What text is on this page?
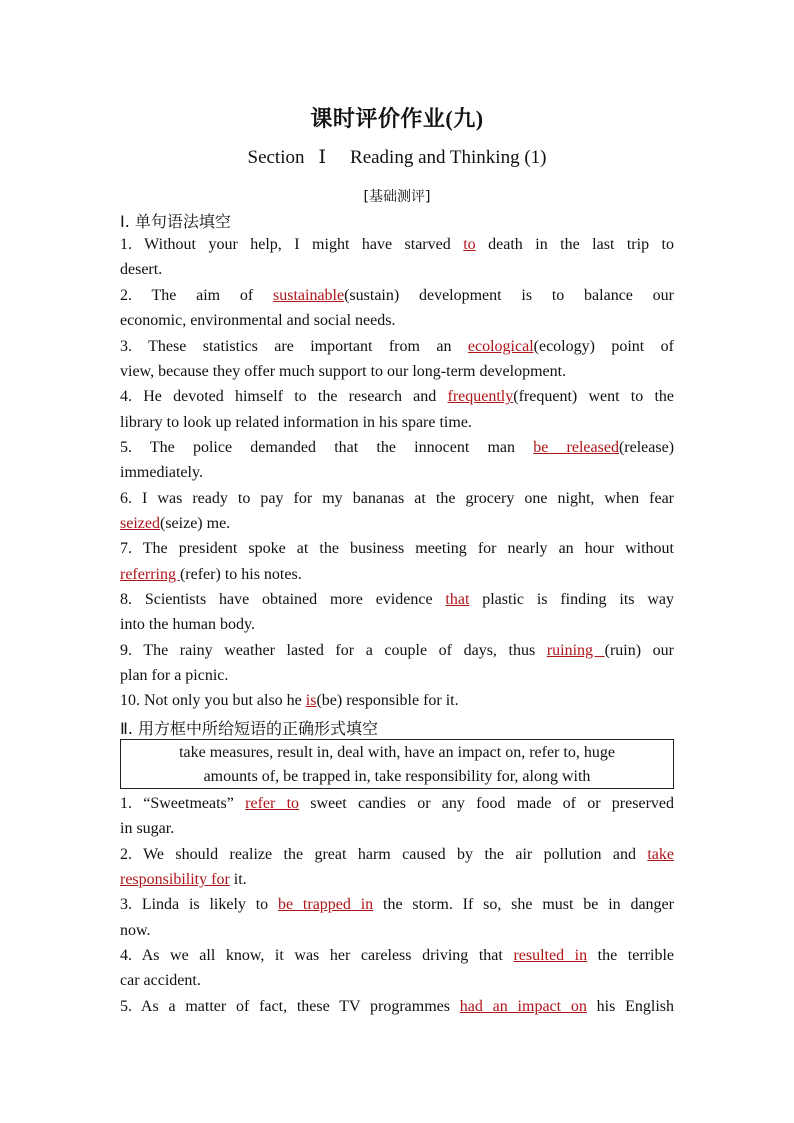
课时评价作业(九)
Section Ⅰ Reading and Thinking (1)
[基础测评]
Ⅰ. 单句语法填空
1. Without your help, I might have starved to death in the last trip to
desert.
2. The aim of sustainable(sustain) development is to balance our
economic, environmental and social needs.
3. These statistics are important from an ecological(ecology) point of
view, because they offer much support to our long-term development.
4. He devoted himself to the research and frequently(frequent) went to the
library to look up related information in his spare time.
5. The police demanded that the innocent man be released(release)
immediately.
6. I was ready to pay for my bananas at the grocery one night, when fear
seized(seize) me.
7. The president spoke at the business meeting for nearly an hour without
referring (refer) to his notes.
8. Scientists have obtained more evidence that plastic is finding its way
into the human body.
9. The rainy weather lasted for a couple of days, thus ruining (ruin) our
plan for a picnic.
10. Not only you but also he is(be) responsible for it.
Ⅱ. 用方框中所给短语的正确形式填空
take measures, result in, deal with, have an impact on, refer to, huge
amounts of, be trapped in, take responsibility for, along with
1. “Sweetmeats” refer to sweet candies or any food made of or preserved
in sugar.
2. We should realize the great harm caused by the air pollution and take
responsibility for it.
3. Linda is likely to be trapped in the storm. If so, she must be in danger
now.
4. As we all know, it was her careless driving that resulted in the terrible
car accident.
5. As a matter of fact, these TV programmes had an impact on his English
